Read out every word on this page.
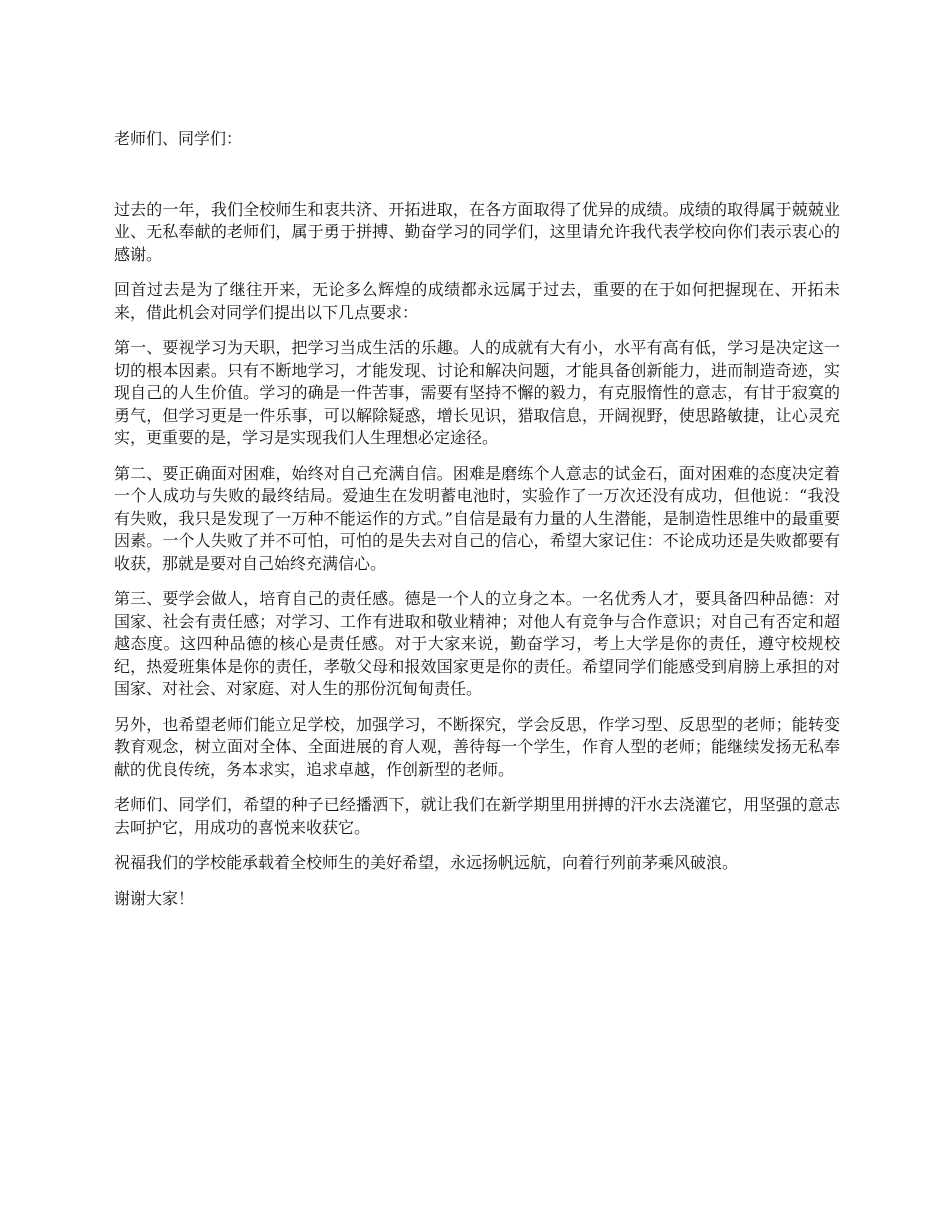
老师们、同学们：

过去的一年，我们全校师生和衷共济、开拓进取，在各方面取得了优异的成绩。成绩的取得属于兢兢业业、无私奉献的老师们，属于勇于拼搏、勤奋学习的同学们，这里请允许我代表学校向你们表示衷心的感谢。

回首过去是为了继往开来，无论多么辉煌的成绩都永远属于过去，重要的在于如何把握现在、开拓未来，借此机会对同学们提出以下几点要求：

第一、要视学习为天职，把学习当成生活的乐趣。人的成就有大有小，水平有高有低，学习是决定这一切的根本因素。只有不断地学习，才能发现、讨论和解决问题，才能具备创新能力，进而制造奇迹，实现自己的人生价值。学习的确是一件苦事，需要有坚持不懈的毅力，有克服惰性的意志，有甘于寂寞的勇气，但学习更是一件乐事，可以解除疑惑，增长见识，猎取信息，开阔视野，使思路敏捷，让心灵充实，更重要的是，学习是实现我们人生理想必定途径。

第二、要正确面对困难，始终对自己充满自信。困难是磨练个人意志的试金石，面对困难的态度决定着一个人成功与失败的最终结局。爱迪生在发明蓄电池时，实验作了一万次还没有成功，但他说：“我没有失败，我只是发现了一万种不能运作的方式。”自信是最有力量的人生潜能，是制造性思维中的最重要因素。一个人失败了并不可怕，可怕的是失去对自己的信心，希望大家记住：不论成功还是失败都要有收获，那就是要对自己始终充满信心。

第三、要学会做人，培育自己的责任感。德是一个人的立身之本。一名优秀人才，要具备四种品德：对国家、社会有责任感；对学习、工作有进取和敬业精神；对他人有竞争与合作意识；对自己有否定和超越态度。这四种品德的核心是责任感。对于大家来说，勤奋学习，考上大学是你的责任，遵守校规校纪，热爱班集体是你的责任，孝敬父母和报效国家更是你的责任。希望同学们能感受到肩膀上承担的对国家、对社会、对家庭、对人生的那份沉甸甸责任。

另外，也希望老师们能立足学校，加强学习，不断探究，学会反思，作学习型、反思型的老师；能转变教育观念，树立面对全体、全面进展的育人观，善待每一个学生，作育人型的老师；能继续发扬无私奉献的优良传统，务本求实，追求卓越，作创新型的老师。

老师们、同学们，希望的种子已经播洒下，就让我们在新学期里用拼搏的汗水去浇灌它，用坚强的意志去呵护它，用成功的喜悦来收获它。

祝福我们的学校能承载着全校师生的美好希望，永远扬帆远航，向着行列前茅乘风破浪。

谢谢大家！
